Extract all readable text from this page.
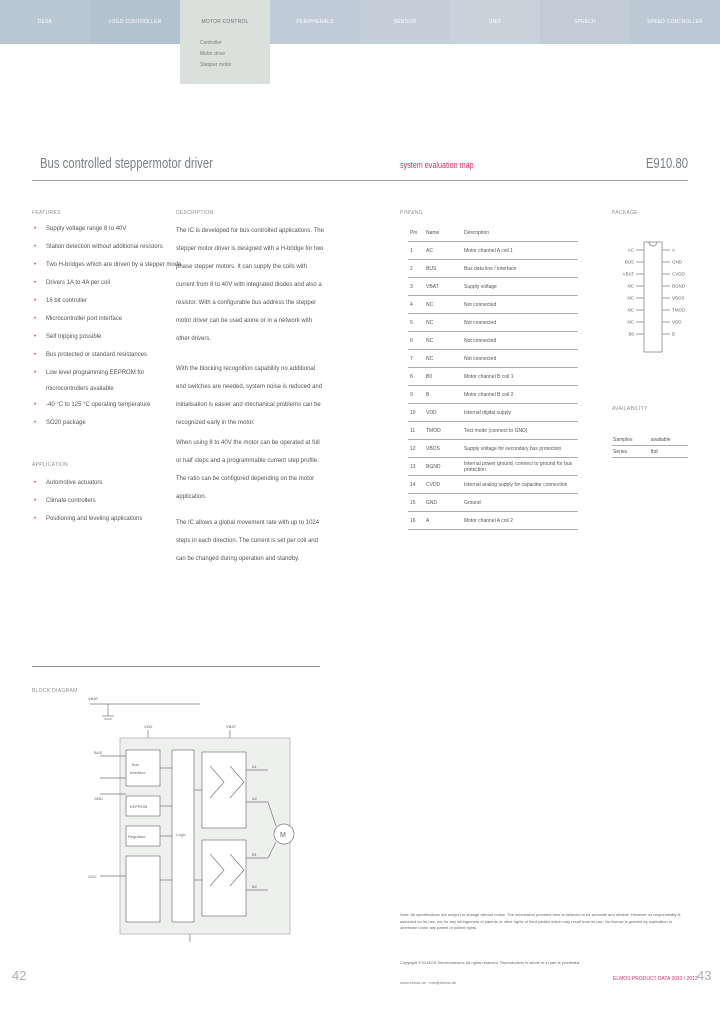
DESK	LOGO CONTROLLER	MOTOR CONTROL	PERIPHERALS	SENSOR	UNIT	SPEECH	SPEED CONTROLLER
Controller
Motor drive
Stepper motor
Bus controlled steppermotor driver	system evaluation map	E910.80
FEATURES
• Supply voltage range 8 to 40V
• Stallon detection without additional resistors
• Two H-bridges which are driven by a stepper mode
• Drivers 1A to 4A per coil
• 16 bit controller
• Microcontroller port interface
• Self tripping possible
• Bus protected or standard resistances
• Low level programming EEPROM for
microcontrollers available
• -40 °C to 125 °C operating temperature
• SO20 package
APPLICATION
• Automotive actuators
• Climate controllers
• Positioning and leveling applications
DESCRIPTION

The IC is developed for bus controlled applications. The stepper motor driver is designed with a H-bridge for two phase stepper motors. It can supply the coils with current from 8 to 40V with integrated diodes and also a resistor. With a configurable bus address the stepper motor driver can be used alone or in a network with other drivers.

With the blocking recognition capability no additional end switches are needed, system noise is reduced and initialisation is easier and mechanical problems can be recognized early in the motor.

When using 8 to 40V the motor can be operated at full or half steps and a programmable current step profile. The ratio can be configured depending on the motor application.

The IC allows a global movement rate with up to 1024 steps in each direction. The current is set per coil and can be changed during operation and standby.

PINNING
Pin	Name	Description
1	AC	Motor channel A coil 1
2	BUS	Bus data line / interface
3	VBAT	Supply voltage
4	NC	Not connected
5	NC	Not connected
6	NC	Not connected
7	NC	Not connected
8	B0	Motor channel B coil 1
9	B	Motor channel B coil 2
10	VDD	Internal digital supply
11	TMOD	Test mode (connect to GND)
12	VBOS	Supply voltage for secondary bus protection
13	BGND	Internal power ground, connect to ground for bus protection
14	CVDD	Internal analog supply for capacitor connection
15	GND	Ground
16	A	Motor channel A coil 2
PACKAGE
AC
BUS
VBAT
NC
NC
NC
NC
B0
A
GND
CVDD
BGND
VBOS
TMOD
VDD
B
AVAILABILITY
Samples	available
Series	tbd
BLOCK DIAGRAM
VBAT
VDD	VBAT
Bus
Interface
EEPROM
Regulator	Logic
BUS
GND
OSC
A1
A2
B1
B2
M
Note: All specifications are subject to change without notice. The information provided here is believed to be accurate and reliable. However no responsibility is assumed for its use, nor for any infringement of patents or other rights of third parties which may result from its use. No license is granted by implication or otherwise under any patent or patent rights.
Copyright © ELMOS Semiconductor. All rights reserved. Reproduction in whole or in part is prohibited.
www.elmos.de · info@elmos.de
ELMOS PRODUCT DATA 2011 / 2012
42	43
